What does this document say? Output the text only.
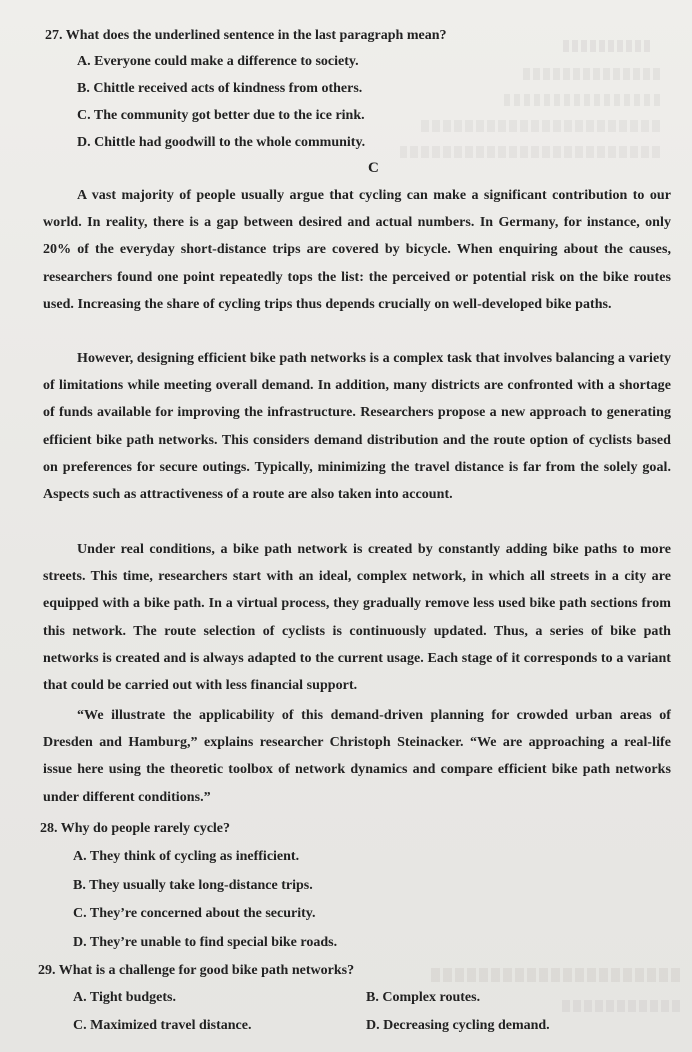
27. What does the underlined sentence in the last paragraph mean?
A. Everyone could make a difference to society.
B. Chittle received acts of kindness from others.
C. The community got better due to the ice rink.
D. Chittle had goodwill to the whole community.
C

A vast majority of people usually argue that cycling can make a significant contribution to our world. In reality, there is a gap between desired and actual numbers. In Germany, for instance, only 20% of the everyday short-distance trips are covered by bicycle. When enquiring about the causes, researchers found one point repeatedly tops the list: the perceived or potential risk on the bike routes used. Increasing the share of cycling trips thus depends crucially on well-developed bike paths.

However, designing efficient bike path networks is a complex task that involves balancing a variety of limitations while meeting overall demand. In addition, many districts are confronted with a shortage of funds available for improving the infrastructure. Researchers propose a new approach to generating efficient bike path networks. This considers demand distribution and the route option of cyclists based on preferences for secure outings. Typically, minimizing the travel distance is far from the solely goal. Aspects such as attractiveness of a route are also taken into account.

Under real conditions, a bike path network is created by constantly adding bike paths to more streets. This time, researchers start with an ideal, complex network, in which all streets in a city are equipped with a bike path. In a virtual process, they gradually remove less used bike path sections from this network. The route selection of cyclists is continuously updated. Thus, a series of bike path networks is created and is always adapted to the current usage. Each stage of it corresponds to a variant that could be carried out with less financial support.

“We illustrate the applicability of this demand-driven planning for crowded urban areas of Dresden and Hamburg,” explains researcher Christoph Steinacker. “We are approaching a real-life issue here using the theoretic toolbox of network dynamics and compare efficient bike path networks under different conditions.”

28. Why do people rarely cycle?
A. They think of cycling as inefficient.
B. They usually take long-distance trips.
C. They’re concerned about the security.
D. They’re unable to find special bike roads.
29. What is a challenge for good bike path networks?
A. Tight budgets.	B. Complex routes.
C. Maximized travel distance.	D. Decreasing cycling demand.
